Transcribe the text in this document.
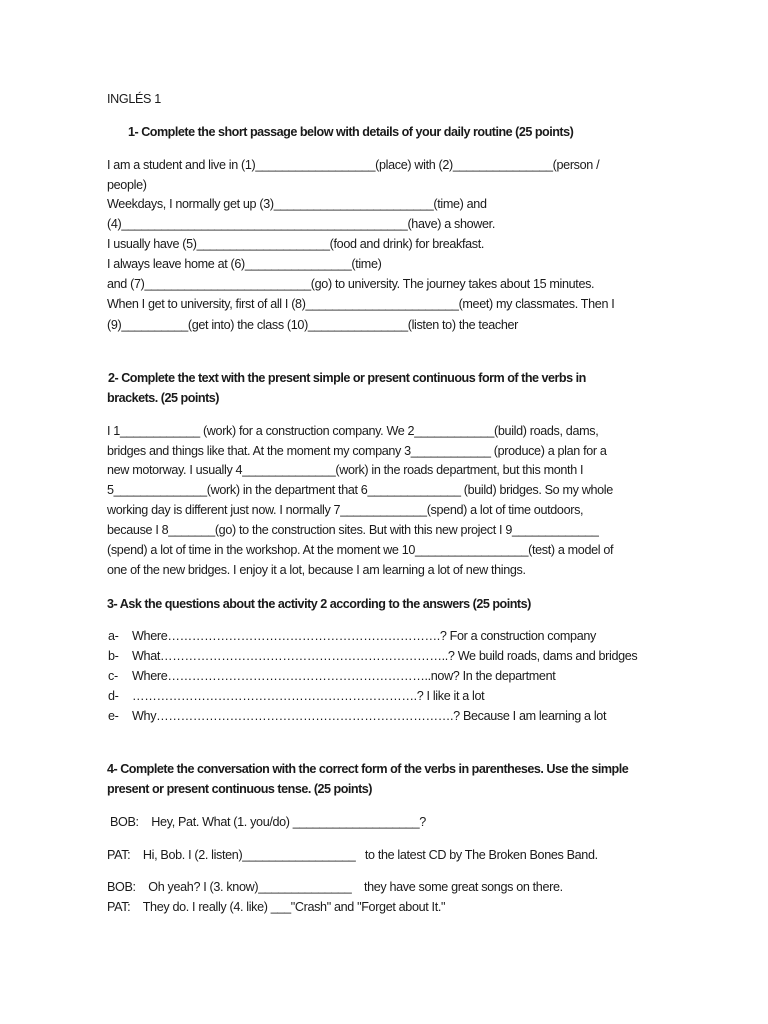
INGLÉS 1
1- Complete the short passage below with details of your daily routine (25 points)
I am a student and live in (1)__________________(place) with (2)_______________(person /
people)
Weekdays, I normally get up (3)________________________(time) and
(4)___________________________________________(have) a shower.
I usually have (5)____________________(food and drink) for breakfast.
I always leave home at (6)________________(time)
and (7)_________________________(go) to university. The journey takes about 15 minutes.
When I get to university, first of all I (8)_______________________(meet) my classmates. Then I
(9)__________(get into) the class (10)_______________(listen to) the teacher
2- Complete the text with the present simple or present continuous form of the verbs in
brackets. (25 points)
I 1____________ (work) for a construction company. We 2____________(build) roads, dams,
bridges and things like that. At the moment my company 3____________ (produce) a plan for a
new motorway. I usually 4______________(work) in the roads department, but this month I
5______________(work) in the department that 6______________ (build) bridges. So my whole
working day is different just now. I normally 7_____________(spend) a lot of time outdoors,
because I 8_______(go) to the construction sites. But with this new project I 9_____________
(spend) a lot of time in the workshop. At the moment we 10_________________(test) a model of
one of the new bridges. I enjoy it a lot, because I am learning a lot of new things.
3- Ask the questions about the activity 2 according to the answers (25 points)
a- Where………………………………………………………….? For a construction company
b- What……………………………………………………………..? We build roads, dams and bridges
c- Where………………………………………………………..now? In the department
d- …………………………………………………………….? I like it a lot
e- Why……………………………………………………………….? Because I am learning a lot
4- Complete the conversation with the correct form of the verbs in parentheses. Use the simple
present or present continuous tense. (25 points)
BOB:    Hey, Pat. What (1. you/do) ___________________?
PAT:    Hi, Bob. I (2. listen)_________________   to the latest CD by The Broken Bones Band.
BOB:    Oh yeah? I (3. know)______________    they have some great songs on there.
PAT:    They do. I really (4. like) ___"Crash" and "Forget about It."
